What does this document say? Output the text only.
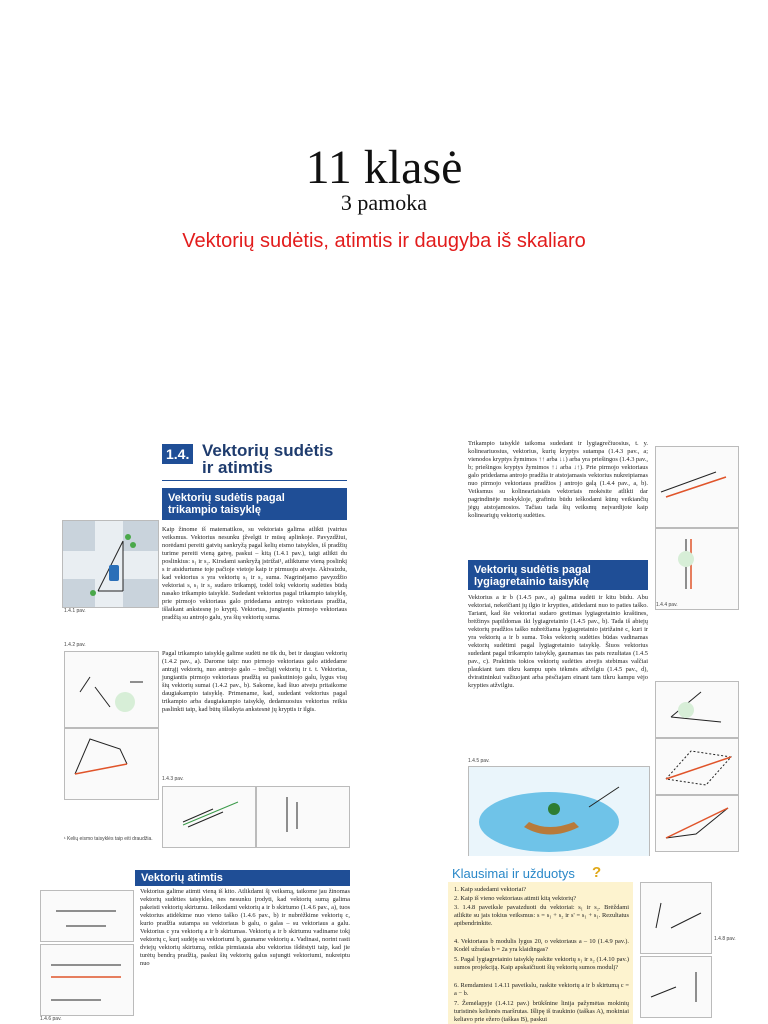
11 klasė
3 pamoka
Vektorių sudėtis, atimtis ir daugyba iš skaliaro
1.4. Vektorių sudėtis
ir atimtis
Vektorių sudėtis pagal
trikampio taisyklę
1.4.1 pav.
Kaip žinome iš matematikos, su vektoriais galima atlikti įvairius veiksmus. Vektorius nesunku įžvelgti ir mūsų aplinkoje. Pavyzdžiui, norėdami pereiti gatvių sankryžą pagal kelių eismo taisykles, iš pradžių turime pereiti vieną gatvę, paskui – kitą (1.4.1 pav.), taigi atlikti du poslinkius: s₁ ir s₂. Kirsdami sankryžą įstrižai¹, atliktume vieną poslinkį s ir atsidurtume toje pačioje vietoje kaip ir pirmuoju atveju. Akivaizdu, kad vektorius s yra vektorių s₁ ir s₂ suma. Nagrinėjamo pavyzdžio vektoriai s, s₁ ir s₂ sudaro trikampį, todėl tokį vektorių sudėties būdą nasako trikampio taisyklė. Sudedant vektorius pagal trikampio taisyklę, prie pirmojo vektoriaus galo pridedama antrojo vektoriaus pradžia, išlaikant ankstesnę jo kryptį. Vektorius, jungiantis pirmojo vektoriaus pradžią su antrojo galu, yra šių vektorių suma.
1.4.2 pav.
Pagal trikampio taisyklę galime sudėti ne tik du, bet ir daugiau vektorių (1.4.2 pav., a). Darome taip: nuo pirmojo vektoriaus galo atidedame antrąjį vektorių, nuo antrojo galo – trečiąjį vektorių ir t. t. Vektorius, jungiantis pirmojo vektoriaus pradžią su paskutiniojo galu, lygus visų šių vektorių sumai (1.4.2 pav., b). Sakome, kad šiuo atveju pritaikome daugiakampio taisyklę. Primename, kad, sudedant vektorius pagal trikampio arba daugiakampio taisyklę, dedamuosius vektorius reikia paslinkti taip, kad būtų išlaikyta ankstesnė jų kryptis ir ilgis.
1.4.3 pav.
¹ Kelių eismo taisyklės taip eiti draudžia.
Trikampio taisyklė taikoma sudedant ir lygiagrečiuosius, t. y. kolineariuosius, vektorius, kurių kryptys sutampa (1.4.3 pav., a; vienodos kryptys žymimos ↑↑ arba ↓↓) arba yra priešingos (1.4.3 pav., b; priešingos kryptys žymimos ↑↓ arba ↓↑). Prie pirmojo vektoriaus galo pridedama antrojo pradžia ir atstojamasis vektorius nukreipiamas nuo pirmojo vektoriaus pradžios į antrojo galą (1.4.4 pav., a, b). Veiksmus su kolineariaisiais vektoriais mokėsite atlikti dar pagrindinėje mokykloje, grafiniu būdu ieškodami kūnų veikiančių jėgų atstojamosios. Tačiau tada šių veiksmų neįvardijote kaip kolineariųjų vektorių sudėties.
1.4.4 pav.
Vektorių sudėtis pagal
lygiagretainio taisyklę
Vektorius a ir b (1.4.5 pav., a) galima sudėti ir kitu būdu. Abu vektoriai, nekeičiant jų ilgio ir krypties, atidedami nuo to paties taško. Tariant, kad šie vektoriai sudaro gretimas lygiagretainio kraštines, brėžinys papildomas iki lygiagretainio (1.4.5 pav., b). Tada iš abiejų vektorių pradžios taško nubrėžiama lygiagretainio įstrižainė c, kuri ir yra vektorių a ir b suma. Toks vektorių sudėties būdas vadinamas vektorių sudėtimi pagal lygiagretainio taisyklę. Šiuos vektorius sudedant pagal trikampio taisyklę, gaunamas tas pats rezultatas (1.4.5 pav., c). Praktinis tokios vektorių sudėties atvejis stebimas valčiai plaukiant tam tikru kampu upės tėkmės atžvilgiu (1.4.5 pav., d), dviratininkui važiuojant arba pėsčiajam einant tam tikru kampu vėjo krypties atžvilgiu.
1.4.5 pav.
Vektorių atimtis
Vektorius galime atimti vieną iš kito. Atlikdami šį veiksmą, taikome jau žinomas vektorių sudėties taisykles, nes nesunku įrodyti, kad vektorių sumą galima pakeisti vektorių skirtumu. Ieškodami vektorių a ir b skirtumo (1.4.6 pav., a), tuos vektorius atidėkime nuo vieno taško (1.4.6 pav., b) ir nubrėžkime vektorių c, kurio pradžia sutampa su vektoriaus b galu, o galas – su vektoriaus a galu. Vektorius c yra vektorių a ir b skirtumas. Vektorių a ir b skirtumu vadiname tokį vektorių c, kurį sudėję su vektoriumi b, gauname vektorių a. Vadinasi, norint rasti dviejų vektorių skirtumą, reikia pirmiausia abu vektorius išdėstyti taip, kad jie turėtų bendrą pradžią, paskui šių vektorių galus sujungti vektoriumi, nukreiptu nuo
1.4.6 pav.
Klausimai ir užduotys ?
1. Kaip sudedami vektoriai?
2. Kaip iš vieno vektoriaus atimti kitą vektorių?
3. 1.4.8 paveiksle pavaizduoti du vektoriai: s₁ ir s₂. Brėždami atlikite su jais tokius veiksmus: s = s₁ + s₂ ir s' = s₁ + s₁. Rezultatus apibendrinkite.
4. Vektoriaus b modulis lygus 20, o vektoriaus a – 10 (1.4.9 pav.). Kodėl užrašas b = 2a yra klaidingas?
5. Pagal lygiagretainio taisyklę raskite vektorių s₁ ir s₂ (1.4.10 pav.) sumos projekciją. Kaip apskaičiuoti šių vektorių sumos modulį?
6. Remdamiesi 1.4.11 paveikslu, raskite vektorių a ir b skirtumą c = a − b.
7. Žemėlapyje (1.4.12 pav.) brūkšnine linija pažymėtas mokinių turistinės kelionės maršrutas. Išlipę iš traukinio (taškas A), mokiniai keliavo prie ežero (taškas B), paskui
1.4.8 pav.
